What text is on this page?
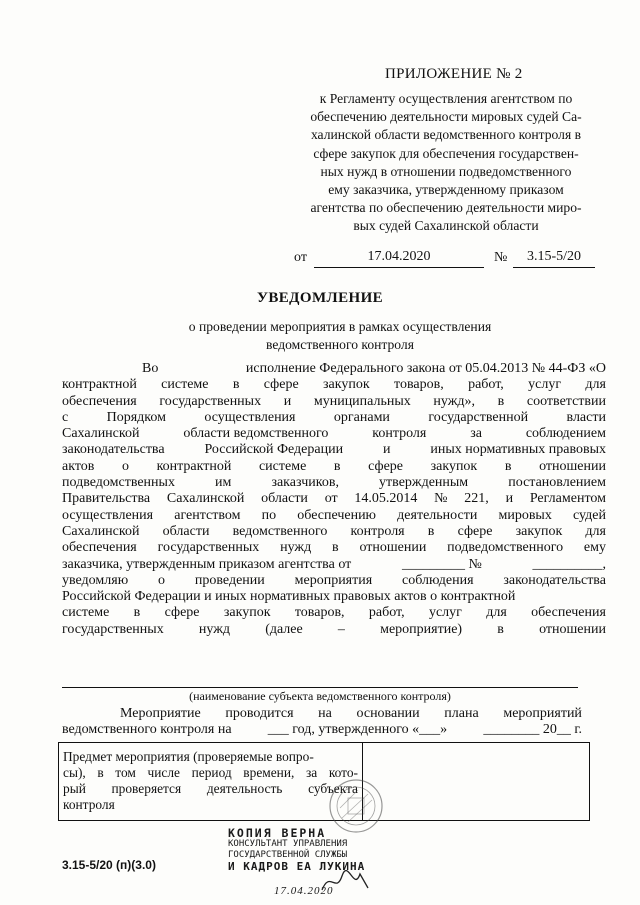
ПРИЛОЖЕНИЕ № 2
к Регламенту осуществления агентством по
обеспечению деятельности мировых судей Са-
халинской области ведомственного контроля в
сфере закупок для обеспечения государствен-
ных нужд в отношении подведомственного
ему заказчика, утвержденному приказом
агентства по обеспечению деятельности миро-
вых судей Сахалинской области
от	17.04.2020	№	3.15-5/20
УВЕДОМЛЕНИЕ
о проведении мероприятия в рамках осуществления
ведомственного контроля
Во	исполнение Федерального закона от 05.04.2013 № 44-ФЗ «О
контрактной системе в сфере закупок товаров, работ, услуг для
обеспечения государственных и муниципальных нужд», в соответствии
с	Порядком	осуществления	органами	государственной	власти
Сахалинской	области ведомственного	контроля	за	соблюдением
законодательства	Российской Федерации	и	иных нормативных правовых
актов о контрактной системе в сфере закупок в отношении
подведомственных	им	заказчиков,	утвержденным	постановлением
Правительства Сахалинской области от 14.05.2014 № 221, и Регламентом
осуществления агентством по обеспечению деятельности мировых судей
Сахалинской области ведомственного контроля в сфере закупок для
обеспечения государственных нужд в отношении подведомственного ему
заказчика, утвержденным приказом агентства от	_________ №	__________,
уведомляю о проведении мероприятия соблюдения законодательства
Российской Федерации и иных нормативных правовых актов о контрактной
системе в сфере закупок товаров, работ, услуг для обеспечения
государственных	нужд	(далее	–	мероприятие)	в	отношении
(наименование субъекта ведомственного контроля)
Мероприятие проводится на основании плана мероприятий
ведомственного контроля на	___ год, утвержденного «___»	________ 20__ г.
Предмет мероприятия (проверяемые вопро-
сы), в том числе период времени, за кото-
рый проверяется деятельность субъекта
контроля
КОПИЯ ВЕРНА
КОНСУЛЬТАНТ УПРАВЛЕНИЯ
ГОСУДАРСТВЕННОЙ СЛУЖБЫ
И КАДРОВ ЕА ЛУКИНА
17.04.2020
3.15-5/20 (п)(3.0)
